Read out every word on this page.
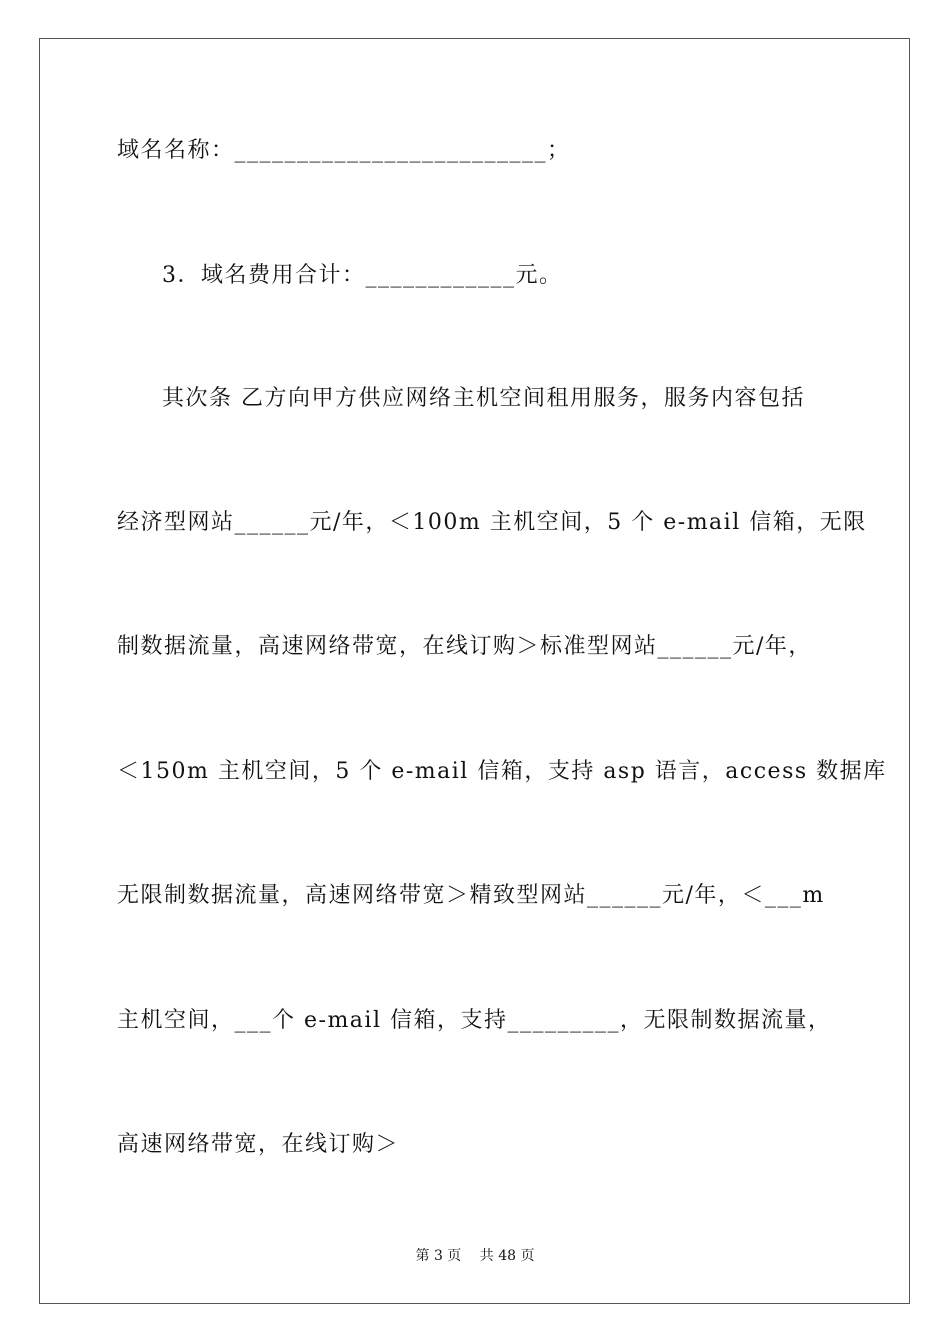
域名名称：_________________________；
3．域名费用合计：____________元。
其次条 乙方向甲方供应网络主机空间租用服务，服务内容包括
经济型网站______元/年，＜100m 主机空间，5 个 e-mail 信箱，无限
制数据流量，高速网络带宽，在线订购＞标准型网站______元/年，
＜150m 主机空间，5 个 e-mail 信箱，支持 asp 语言，access 数据库
无限制数据流量，高速网络带宽＞精致型网站______元/年，＜___m
主机空间，___个 e-mail 信箱，支持_________，无限制数据流量，
高速网络带宽，在线订购＞
第 3 页　 共 48 页
